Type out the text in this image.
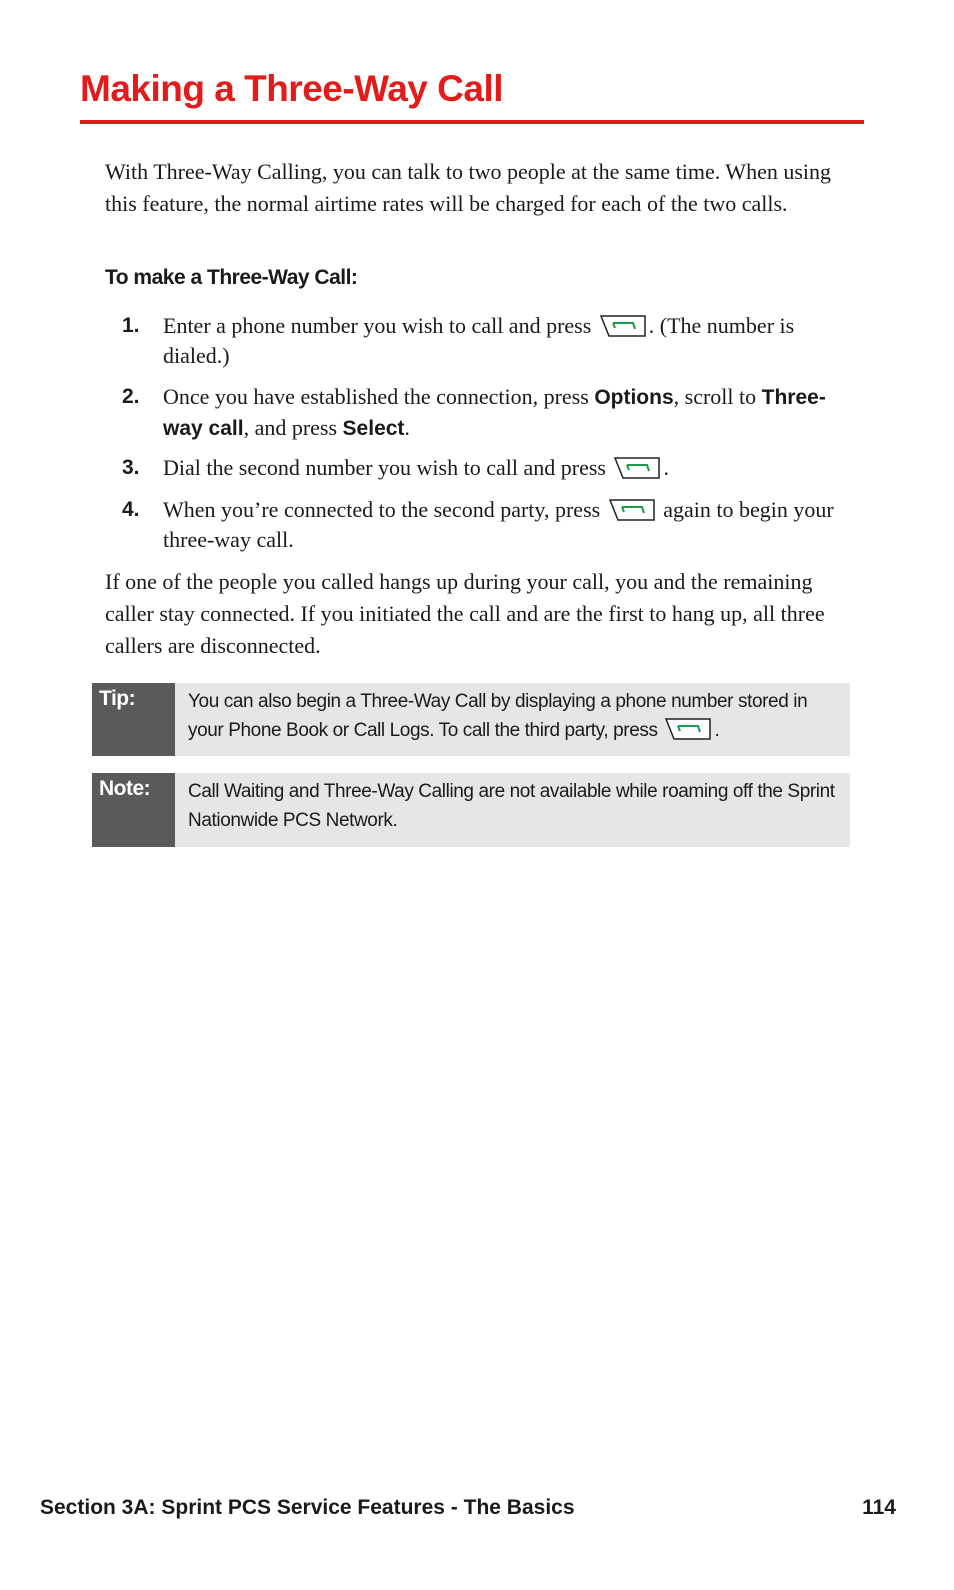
Making a Three-Way Call

With Three-Way Calling, you can talk to two people at the same time. When using this feature, the normal airtime rates will be charged for each of the two calls.

To make a Three-Way Call:

1. Enter a phone number you wish to call and press
. (The number is dialed.)
2. Once you have established the connection, press Options, scroll to Three-way call, and press Select.
3. Dial the second number you wish to call and press
.
4. When you’re connected to the second party, press
again to begin your three-way call.

If one of the people you called hangs up during your call, you and the remaining caller stay connected. If you initiated the call and are the first to hang up, all three callers are disconnected.

Tip:	You can also begin a Three-Way Call by displaying a phone number stored in your Phone Book or Call Logs. To call the third party, press	.
Note:	Call Waiting and Three-Way Calling are not available while roaming off the Sprint Nationwide PCS Network.
Section 3A: Sprint PCS Service Features - The Basics	114
